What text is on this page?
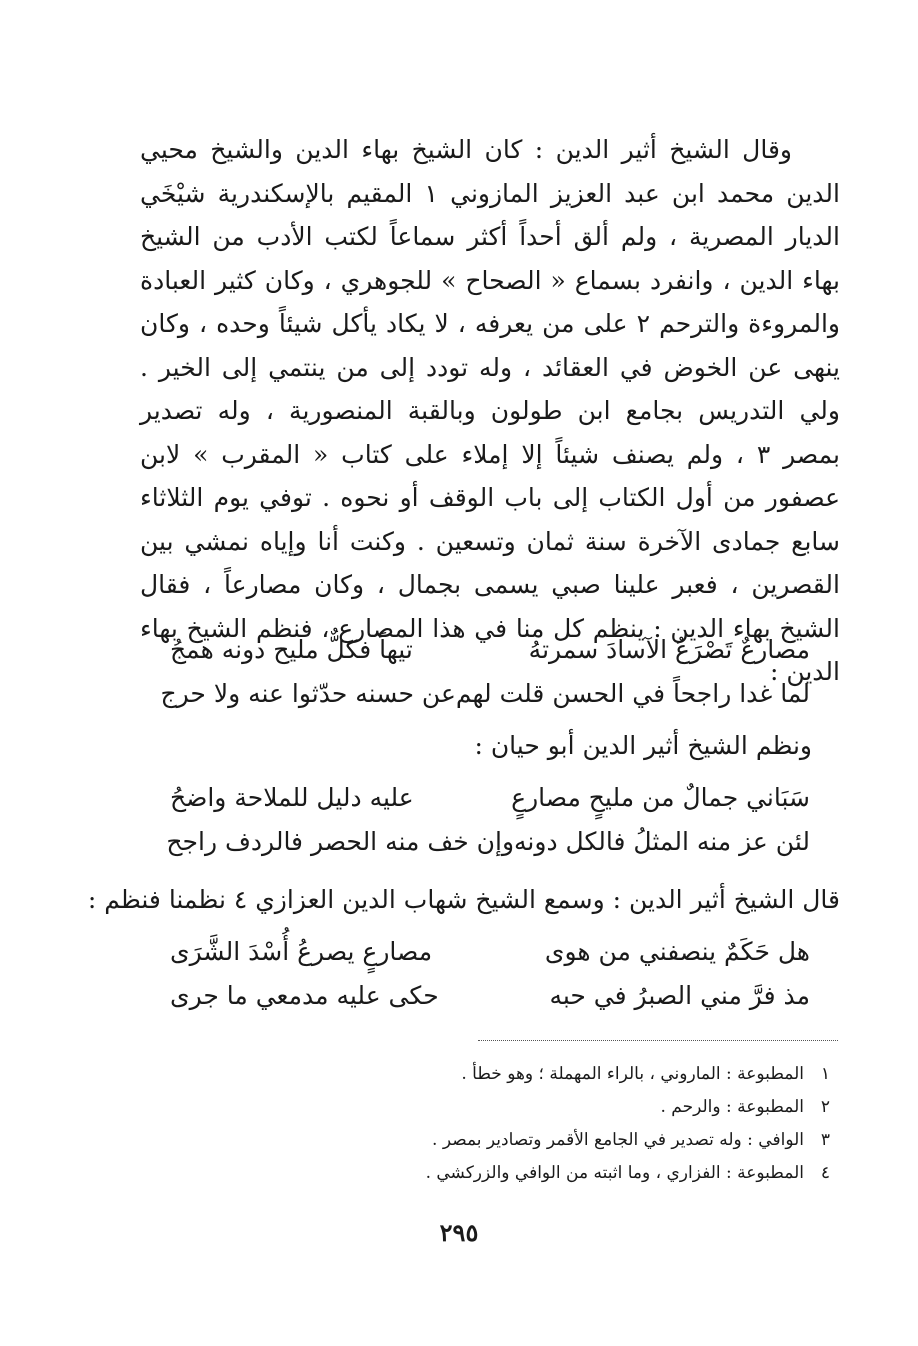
وقال الشيخ أثير الدين : كان الشيخ بهاء الدين والشيخ محيي الدين محمد ابن عبد العزيز المازوني ١ المقيم بالإسكندرية شيْخَي الديار المصرية ، ولم ألق أحداً أكثر سماعاً لكتب الأدب من الشيخ بهاء الدين ، وانفرد بسماع « الصحاح » للجوهري ، وكان كثير العبادة والمروءة والترحم ٢ على من يعرفه ، لا يكاد يأكل شيئاً وحده ، وكان ينهى عن الخوض في العقائد ، وله تودد إلى من ينتمي إلى الخير . ولي التدريس بجامع ابن طولون وبالقبة المنصورية ، وله تصدير بمصر ٣ ، ولم يصنف شيئاً إلا إملاء على كتاب « المقرب » لابن عصفور من أول الكتاب إلى باب الوقف أو نحوه . توفي يوم الثلاثاء سابع جمادى الآخرة سنة ثمان وتسعين . وكنت أنا وإياه نمشي بين القصرين ، فعبر علينا صبي يسمى بجمال ، وكان مصارعاً ، فقال الشيخ بهاء الدين : ينظم كل منا في هذا المصارع ، فنظم الشيخ بهاء الدين :

مصارعٌ تَصْرَعُ الآسادَ سمرتهُ
تيهاً فكلٌّ مليح دونه همجُ
لما غدا راجحاً في الحسن قلت لهم
عن حسنه حدّثوا عنه ولا حرج
ونظم الشيخ أثير الدين أبو حيان :
سَبَاني جمالٌ من مليحٍ مصارعٍ
عليه دليل للملاحة واضحُ
لئن عز منه المثلُ فالكل دونه
وإن خف منه الحصر فالردف راجح
قال الشيخ أثير الدين : وسمع الشيخ شهاب الدين العزازي ٤ نظمنا فنظم :
هل حَكَمٌ ينصفني من هوى
مصارعٍ يصرعُ أُسْدَ الشَّرَى
مذ فرَّ مني الصبرُ في حبه
حكى عليه مدمعي ما جرى
١المطبوعة : الماروني ، بالراء المهملة ؛ وهو خطأ .
٢المطبوعة : والرحم .
٣الوافي : وله تصدير في الجامع الأقمر وتصادير بمصر .
٤المطبوعة : الفزاري ، وما اثبته من الوافي والزركشي .
٢٩٥
